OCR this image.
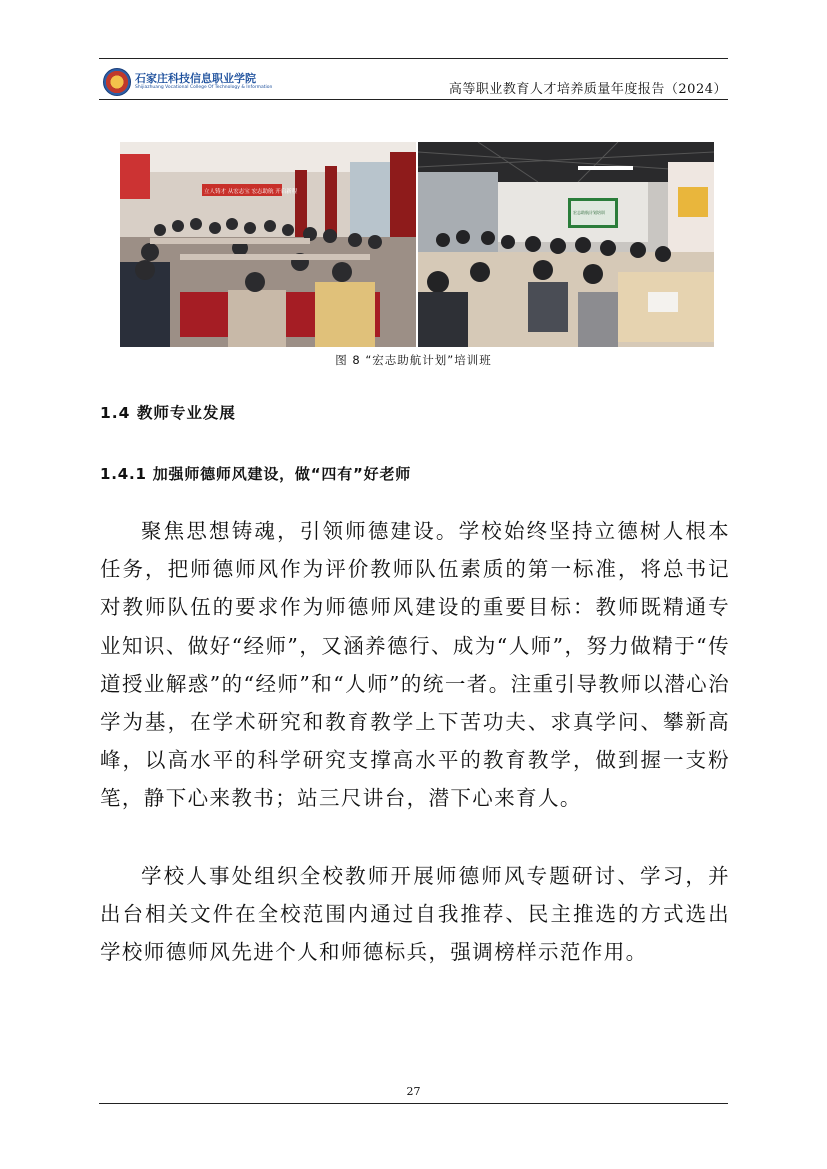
石家庄科技信息职业学院
Shijiazhuang Vocational College Of Technology & Information	高等职业教育人才培养质量年度报告（2024）
立人铸才 从宏志宝 宏志助航 开启新程
宏志助航计划培训
图 8 “宏志助航计划”培训班
1.4 教师专业发展
1.4.1 加强师德师风建设，做“四有”好老师
聚焦思想铸魂，引领师德建设。学校始终坚持立德树人根本任务，把师德师风作为评价教师队伍素质的第一标准，将总书记对教师队伍的要求作为师德师风建设的重要目标：教师既精通专业知识、做好“经师”，又涵养德行、成为“人师”，努力做精于“传道授业解惑”的“经师”和“人师”的统一者。注重引导教师以潜心治学为基，在学术研究和教育教学上下苦功夫、求真学问、攀新高峰，以高水平的科学研究支撑高水平的教育教学，做到握一支粉笔，静下心来教书；站三尺讲台，潜下心来育人。
学校人事处组织全校教师开展师德师风专题研讨、学习，并出台相关文件在全校范围内通过自我推荐、民主推选的方式选出学校师德师风先进个人和师德标兵，强调榜样示范作用。
27
